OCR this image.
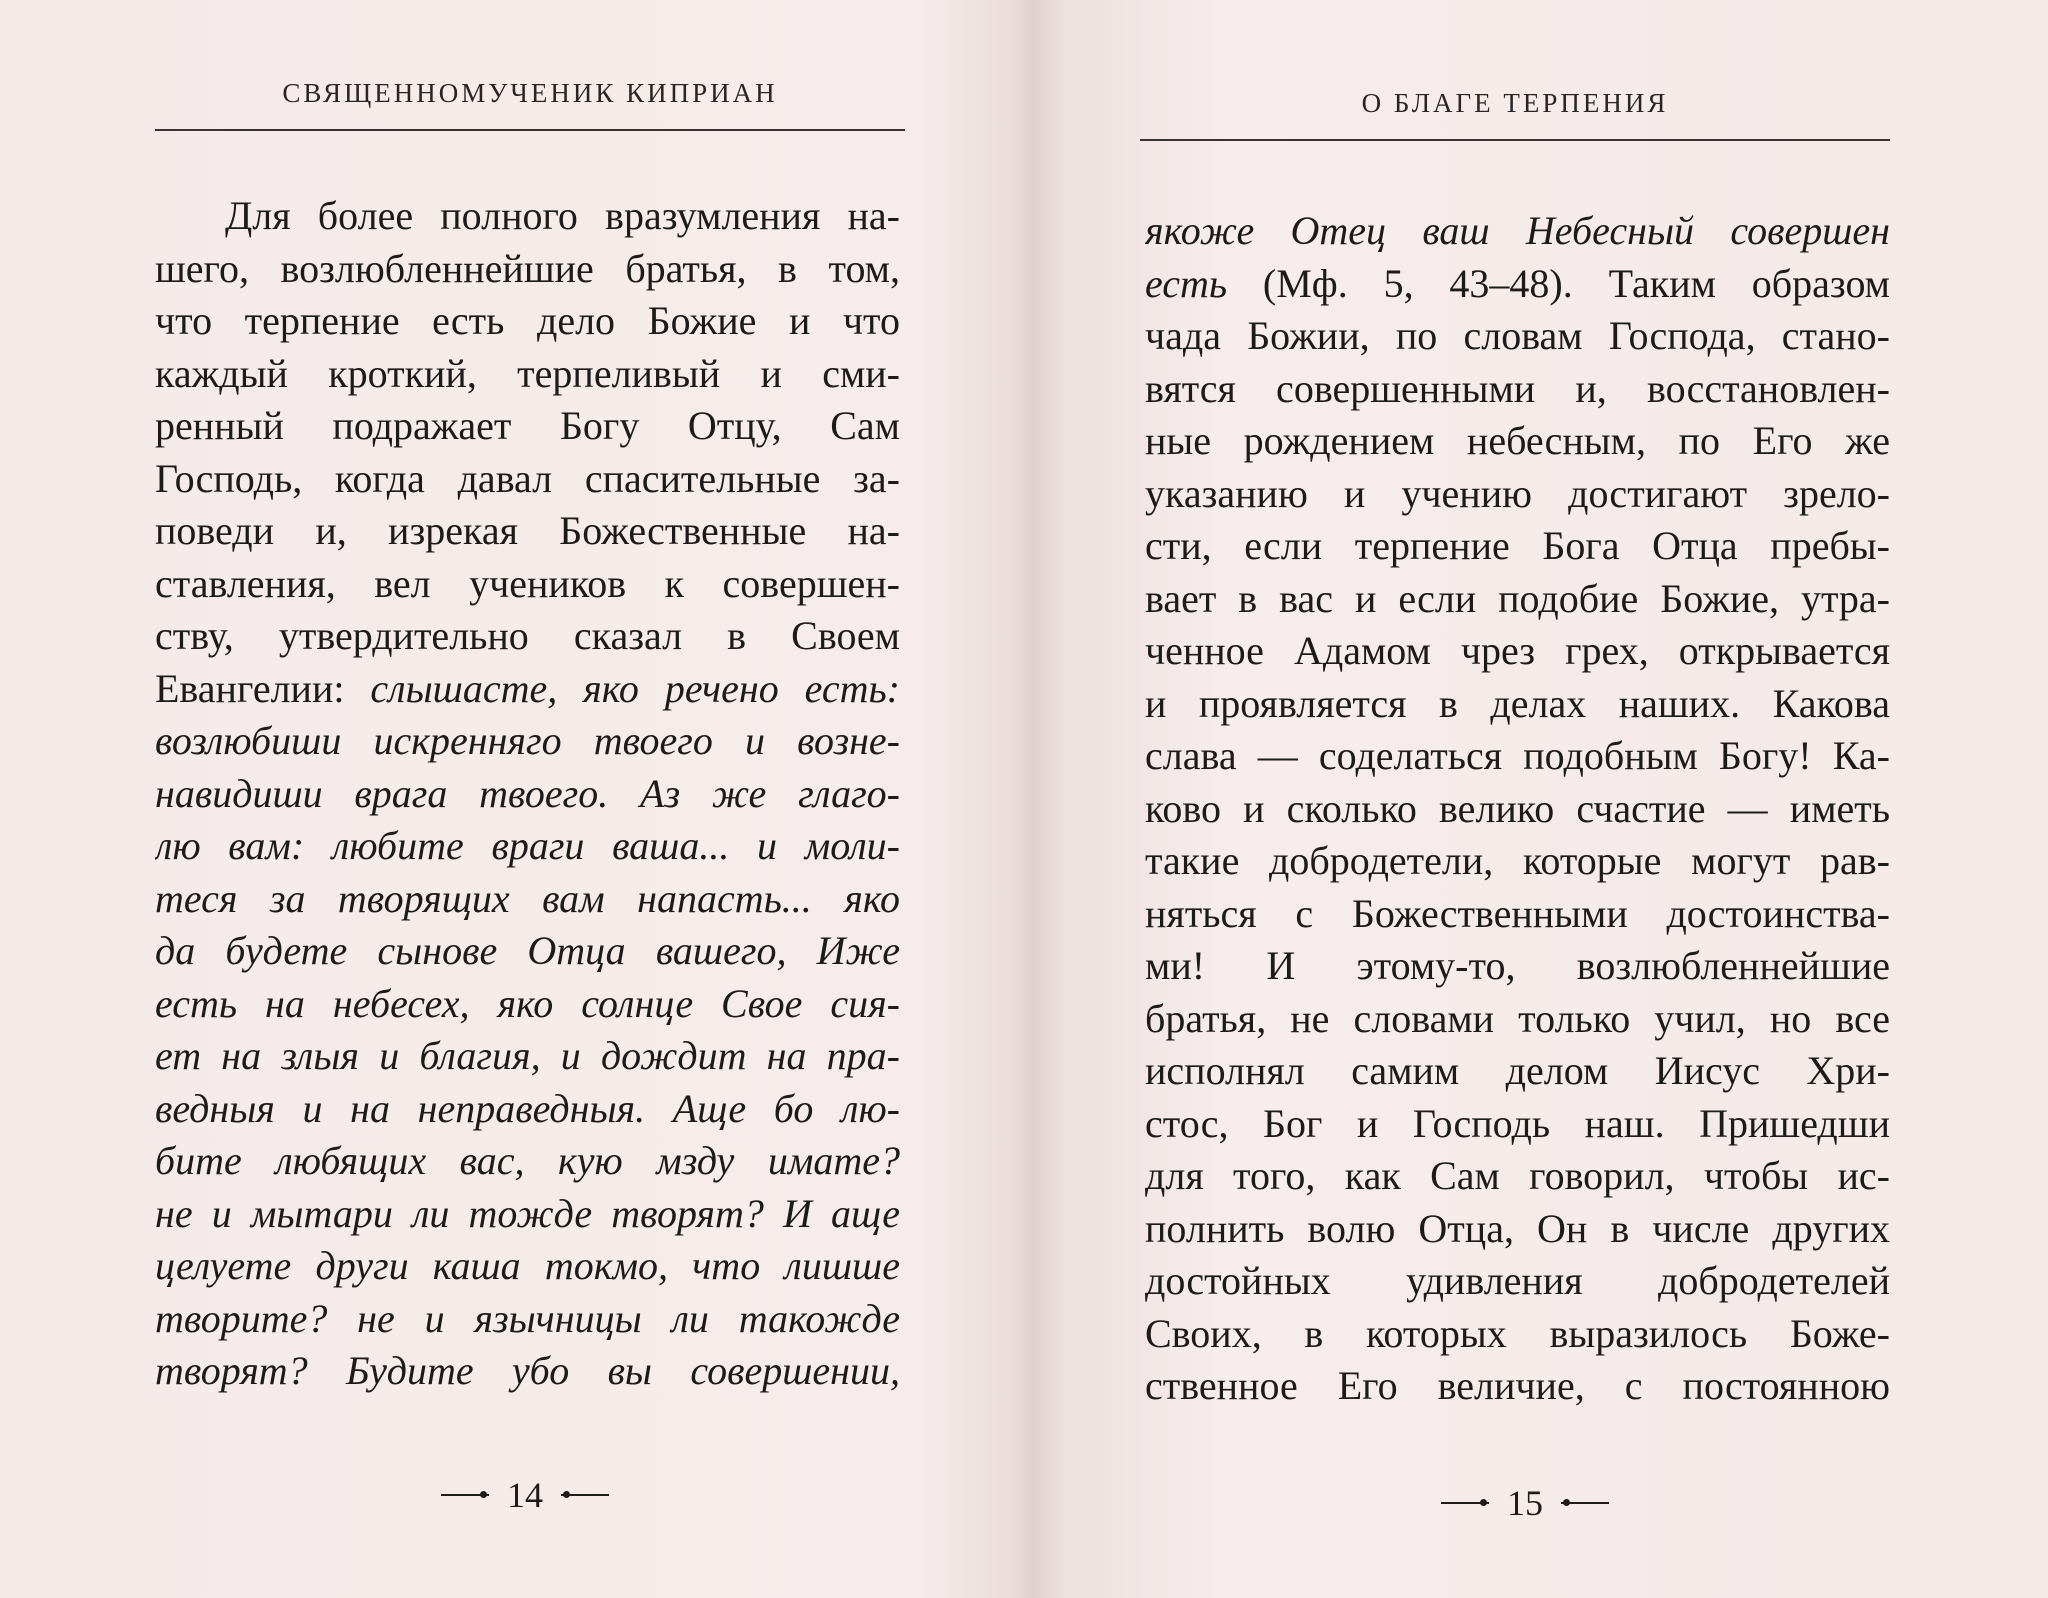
СВЯЩЕННОМУЧЕНИК КИПРИАН
Для более полного вразумления на-
шего, возлюбленнейшие братья, в том,
что терпение есть дело Божие и что
каждый кроткий, терпеливый и сми-
ренный подражает Богу Отцу, Сам
Господь, когда давал спасительные за-
поведи и, изрекая Божественные на-
ставления, вел учеников к совершен-
ству, утвердительно сказал в Своем
Евангелии: слышасте, яко речено есть:
возлюбиши искренняго твоего и возне-
навидиши врага твоего. Аз же глаго-
лю вам: любите враги ваша... и моли-
теся за творящих вам напасть... яко
да будете сынове Отца вашего, Иже
есть на небесех, яко солнце Свое сия-
ет на злыя и благия, и дождит на пра-
ведныя и на неправедныя. Аще бо лю-
бите любящих вас, кую мзду имате?
не и мытари ли тожде творят? И аще
целуете други каша токмо, что лишше
творите? не и язычницы ли такожде
творят? Будите убо вы совершении,
14
О БЛАГЕ ТЕРПЕНИЯ
якоже Отец ваш Небесный совершен
есть (Мф. 5, 43–48). Таким образом
чада Божии, по словам Господа, стано-
вятся совершенными и, восстановлен-
ные рождением небесным, по Его же
указанию и учению достигают зрело-
сти, если терпение Бога Отца пребы-
вает в вас и если подобие Божие, утра-
ченное Адамом чрез грех, открывается
и проявляется в делах наших. Какова
слава — соделаться подобным Богу! Ка-
ково и сколько велико счастие — иметь
такие добродетели, которые могут рав-
няться с Божественными достоинства-
ми! И этому-то, возлюбленнейшие
братья, не словами только учил, но все
исполнял самим делом Иисус Хри-
стос, Бог и Господь наш. Пришедши
для того, как Сам говорил, чтобы ис-
полнить волю Отца, Он в числе других
достойных удивления добродетелей
Своих, в которых выразилось Боже-
ственное Его величие, с постоянною
15
